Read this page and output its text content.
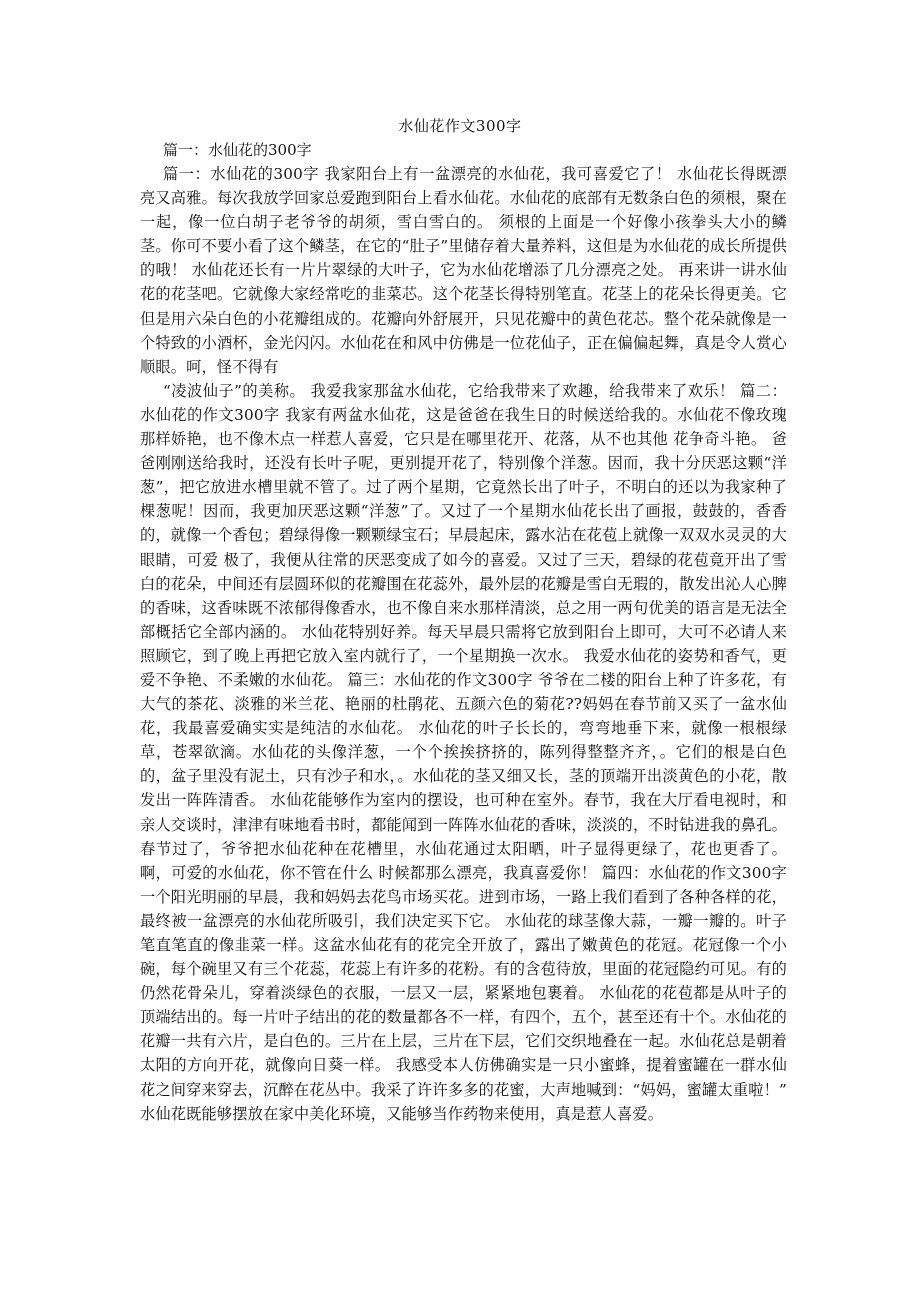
水仙花作文300字
篇一：水仙花的300字

篇一：水仙花的300字 我家阳台上有一盆漂亮的水仙花，我可喜爱它了！ 水仙花长得既漂亮又高雅。每次我放学回家总爱跑到阳台上看水仙花。水仙花的底部有无数条白色的须根，聚在一起，像一位白胡子老爷爷的胡须，雪白雪白的。 须根的上面是一个好像小孩拳头大小的鳞茎。你可不要小看了这个鳞茎，在它的“肚子”里储存着大量养料，这但是为水仙花的成长所提供的哦！ 水仙花还长有一片片翠绿的大叶子，它为水仙花增添了几分漂亮之处。 再来讲一讲水仙花的花茎吧。它就像大家经常吃的韭菜芯。这个花茎长得特别笔直。花茎上的花朵长得更美。它但是用六朵白色的小花瓣组成的。花瓣向外舒展开，只见花瓣中的黄色花芯。整个花朵就像是一个特致的小酒杯，金光闪闪。水仙花在和风中仿佛是一位花仙子，正在偏偏起舞，真是令人赏心顺眼。呵，怪不得有

“凌波仙子”的美称。 我爱我家那盆水仙花，它给我带来了欢趣，给我带来了欢乐！ 篇二：水仙花的作文300字 我家有两盆水仙花，这是爸爸在我生日的时候送给我的。水仙花不像玫瑰那样娇艳，也不像木点一样惹人喜爱，它只是在哪里花开、花落，从不也其他 花争奇斗艳。 爸爸刚刚送给我时，还没有长叶子呢，更别提开花了，特别像个洋葱。因而，我十分厌恶这颗“洋葱”，把它放进水槽里就不管了。过了两个星期，它竟然长出了叶子，不明白的还以为我家种了棵葱呢！因而，我更加厌恶这颗“洋葱”了。又过了一个星期水仙花长出了画报，鼓鼓的，香香的，就像一个香包；碧绿得像一颗颗绿宝石；早晨起床，露水沾在花苞上就像一双双水灵灵的大眼睛，可爱 极了，我便从往常的厌恶变成了如今的喜爱。又过了三天，碧绿的花苞竟开出了雪白的花朵，中间还有层圆环似的花瓣围在花蕊外，最外层的花瓣是雪白无瑕的，散发出沁人心脾的香味，这香味既不浓郁得像香水，也不像自来水那样清淡，总之用一两句优美的语言是无法全部概括它全部内涵的。 水仙花特别好养。每天早晨只需将它放到阳台上即可，大可不必请人来照顾它，到了晚上再把它放入室内就行了，一个星期换一次水。 我爱水仙花的姿势和香气，更爱不争艳、不柔嫩的水仙花。 篇三：水仙花的作文300字 爷爷在二楼的阳台上种了许多花，有大气的茶花、淡雅的米兰花、艳丽的杜鹃花、五颜六色的菊花??妈妈在春节前又买了一盆水仙花，我最喜爱确实实是纯洁的水仙花。 水仙花的叶子长长的，弯弯地垂下来，就像一根根绿草，苍翠欲滴。水仙花的头像洋葱，一个个挨挨挤挤的，陈列得整整齐齐，。它们的根是白色的，盆子里没有泥土，只有沙子和水，。水仙花的茎又细又长，茎的顶端开出淡黄色的小花，散发出一阵阵清香。 水仙花能够作为室内的摆设，也可种在室外。春节，我在大厅看电视时，和亲人交谈时，津津有味地看书时，都能闻到一阵阵水仙花的香味，淡淡的，不时钻进我的鼻孔。春节过了，爷爷把水仙花种在花槽里，水仙花通过太阳晒，叶子显得更绿了，花也更香了。 啊，可爱的水仙花，你不管在什么 时候都那么漂亮，我真喜爱你！ 篇四：水仙花的作文300字 一个阳光明丽的早晨，我和妈妈去花鸟市场买花。进到市场，一路上我们看到了各种各样的花，最终被一盆漂亮的水仙花所吸引，我们决定买下它。 水仙花的球茎像大蒜，一瓣一瓣的。叶子笔直笔直的像韭菜一样。这盆水仙花有的花完全开放了，露出了嫩黄色的花冠。花冠像一个小碗，每个碗里又有三个花蕊，花蕊上有许多的花粉。有的含苞待放，里面的花冠隐约可见。有的仍然花骨朵儿，穿着淡绿色的衣服，一层又一层，紧紧地包裹着。 水仙花的花苞都是从叶子的顶端结出的。每一片叶子结出的花的数量都各不一样，有四个，五个，甚至还有十个。水仙花的花瓣一共有六片，是白色的。三片在上层，三片在下层，它们交织地叠在一起。水仙花总是朝着太阳的方向开花，就像向日葵一样。 我感受本人仿佛确实是一只小蜜蜂，提着蜜罐在一群水仙花之间穿来穿去，沉醉在花丛中。我采了许许多多的花蜜，大声地喊到：“妈妈，蜜罐太重啦！” 水仙花既能够摆放在家中美化环境，又能够当作药物来使用，真是惹人喜爱。
